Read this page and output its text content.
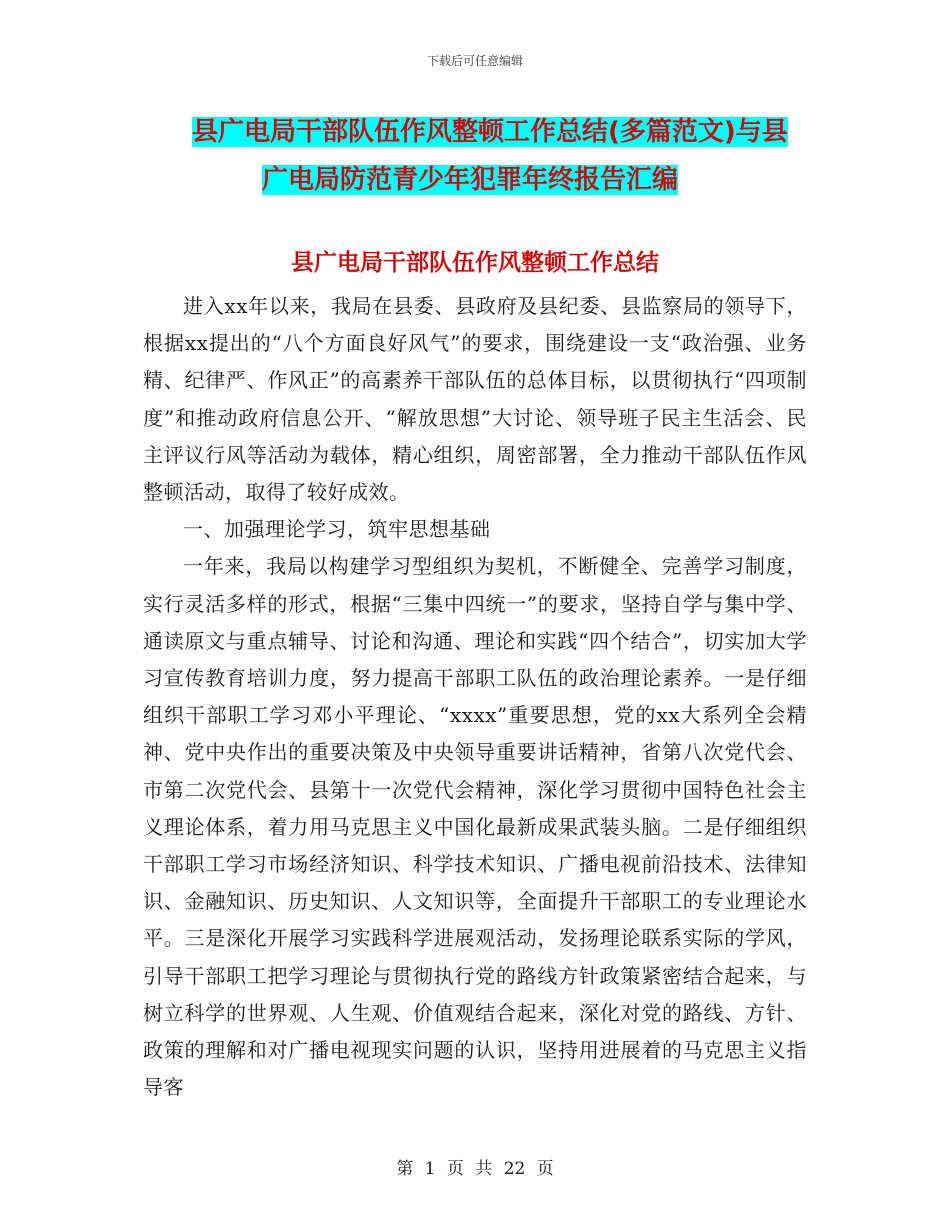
下载后可任意编辑
县广电局干部队伍作风整顿工作总结(多篇范文)与县
广电局防范青少年犯罪年终报告汇编
县广电局干部队伍作风整顿工作总结

进入xx年以来，我局在县委、县政府及县纪委、县监察局的领导下，根据xx提出的“八个方面良好风气”的要求，围绕建设一支“政治强、业务精、纪律严、作风正”的高素养干部队伍的总体目标，以贯彻执行“四项制度”和推动政府信息公开、“解放思想”大讨论、领导班子民主生活会、民主评议行风等活动为载体，精心组织，周密部署，全力推动干部队伍作风整顿活动，取得了较好成效。

一、加强理论学习，筑牢思想基础

一年来，我局以构建学习型组织为契机，不断健全、完善学习制度，实行灵活多样的形式，根据“三集中四统一”的要求，坚持自学与集中学、通读原文与重点辅导、讨论和沟通、理论和实践“四个结合”，切实加大学习宣传教育培训力度，努力提高干部职工队伍的政治理论素养。一是仔细组织干部职工学习邓小平理论、“xxxx”重要思想，党的xx大系列全会精神、党中央作出的重要决策及中央领导重要讲话精神，省第八次党代会、市第二次党代会、县第十一次党代会精神，深化学习贯彻中国特色社会主义理论体系，着力用马克思主义中国化最新成果武装头脑。二是仔细组织干部职工学习市场经济知识、科学技术知识、广播电视前沿技术、法律知识、金融知识、历史知识、人文知识等，全面提升干部职工的专业理论水平。三是深化开展学习实践科学进展观活动，发扬理论联系实际的学风，引导干部职工把学习理论与贯彻执行党的路线方针政策紧密结合起来，与树立科学的世界观、人生观、价值观结合起来，深化对党的路线、方针、政策的理解和对广播电视现实问题的认识，坚持用进展着的马克思主义指导客

第 1 页 共 22 页
